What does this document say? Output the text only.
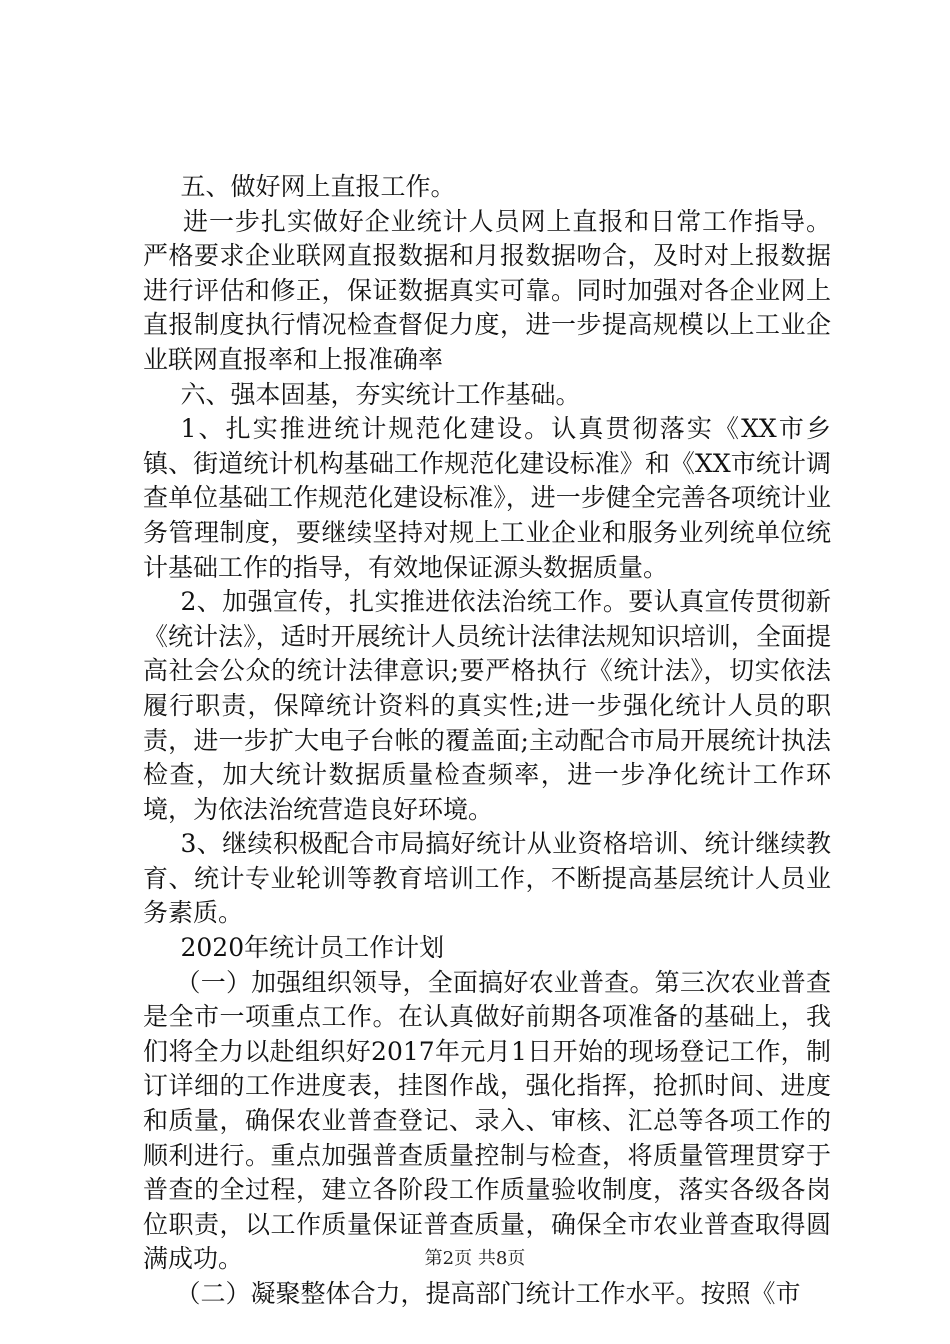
五、做好网上直报工作。

进一步扎实做好企业统计人员网上直报和日常工作指导。严格要求企业联网直报数据和月报数据吻合，及时对上报数据进行评估和修正，保证数据真实可靠。同时加强对各企业网上直报制度执行情况检查督促力度，进一步提高规模以上工业企业联网直报率和上报准确率

六、强本固基，夯实统计工作基础。

1、扎实推进统计规范化建设。认真贯彻落实《XX市乡镇、街道统计机构基础工作规范化建设标准》和《XX市统计调查单位基础工作规范化建设标准》，进一步健全完善各项统计业务管理制度，要继续坚持对规上工业企业和服务业列统单位统计基础工作的指导，有效地保证源头数据质量。

2、加强宣传，扎实推进依法治统工作。要认真宣传贯彻新《统计法》，适时开展统计人员统计法律法规知识培训，全面提高社会公众的统计法律意识;要严格执行《统计法》，切实依法履行职责，保障统计资料的真实性;进一步强化统计人员的职责，进一步扩大电子台帐的覆盖面;主动配合市局开展统计执法检查，加大统计数据质量检查频率，进一步净化统计工作环境，为依法治统营造良好环境。

3、继续积极配合市局搞好统计从业资格培训、统计继续教育、统计专业轮训等教育培训工作，不断提高基层统计人员业务素质。

2020年统计员工作计划

（一）加强组织领导，全面搞好农业普查。第三次农业普查是全市一项重点工作。在认真做好前期各项准备的基础上，我们将全力以赴组织好2017年元月1日开始的现场登记工作，制订详细的工作进度表，挂图作战，强化指挥，抢抓时间、进度和质量，确保农业普查登记、录入、审核、汇总等各项工作的顺利进行。重点加强普查质量控制与检查，将质量管理贯穿于普查的全过程，建立各阶段工作质量验收制度，落实各级各岗位职责，以工作质量保证普查质量，确保全市农业普查取得圆满成功。

（二）凝聚整体合力，提高部门统计工作水平。按照《市

第2页 共8页
